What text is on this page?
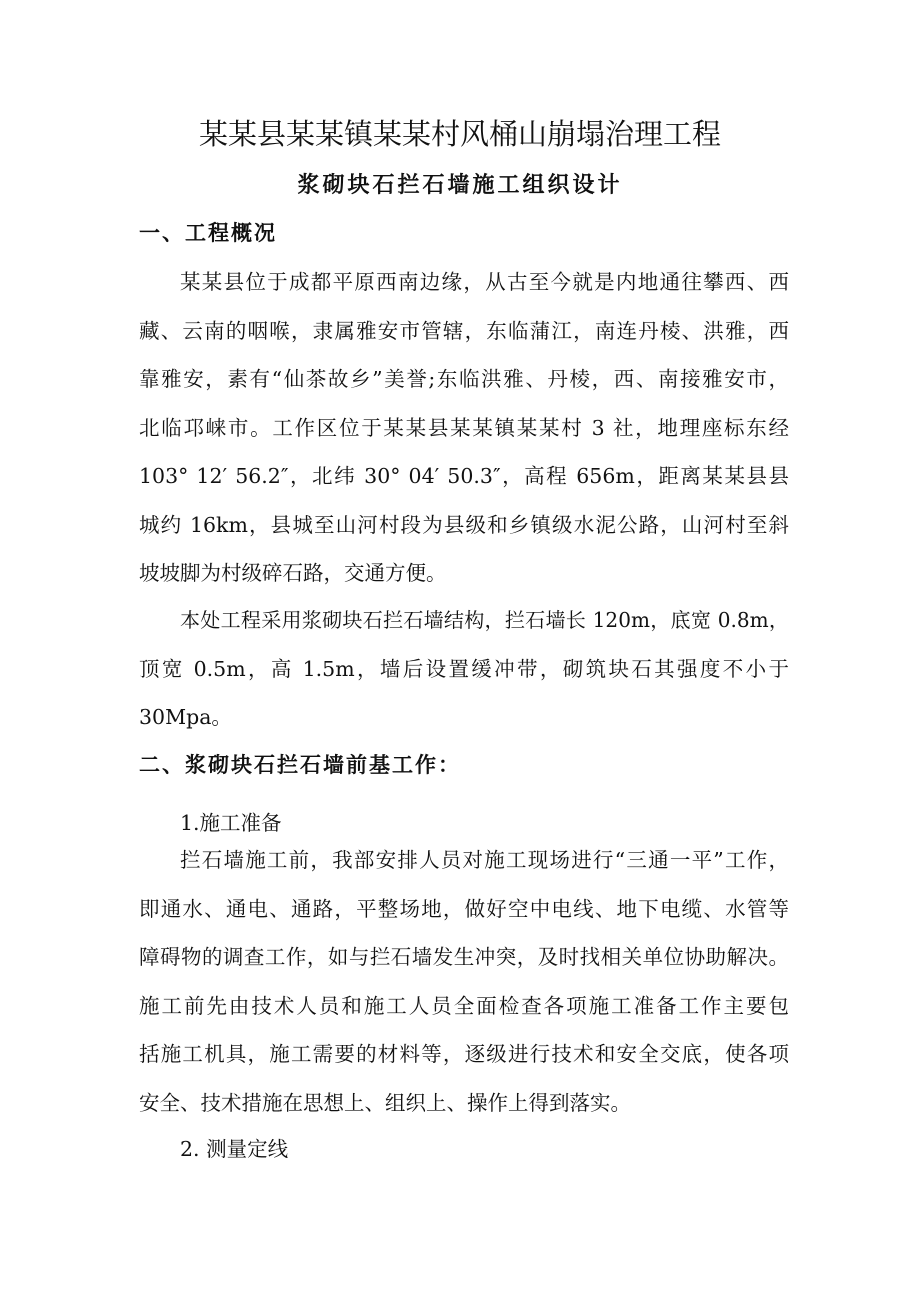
某某县某某镇某某村风桶山崩塌治理工程
浆砌块石拦石墙施工组织设计
一、工程概况
某某县位于成都平原西南边缘，从古至今就是内地通往攀西、西
藏、云南的咽喉，隶属雅安市管辖，东临蒲江，南连丹棱、洪雅，西
靠雅安，素有“仙茶故乡”美誉;东临洪雅、丹棱，西、南接雅安市，
北临邛崃市。工作区位于某某县某某镇某某村 3 社，地理座标东经
103° 12′ 56.2″，北纬 30° 04′ 50.3″，高程 656m，距离某某县县
城约 16km，县城至山河村段为县级和乡镇级水泥公路，山河村至斜
坡坡脚为村级碎石路，交通方便。
本处工程采用浆砌块石拦石墙结构，拦石墙长 120m，底宽 0.8m，
顶宽 0.5m，高 1.5m，墙后设置缓冲带，砌筑块石其强度不小于
30Mpa。
二、浆砌块石拦石墙前基工作：
1.施工准备
拦石墙施工前，我部安排人员对施工现场进行“三通一平”工作，
即通水、通电、通路，平整场地，做好空中电线、地下电缆、水管等
障碍物的调查工作，如与拦石墙发生冲突，及时找相关单位协助解决。
施工前先由技术人员和施工人员全面检查各项施工准备工作主要包
括施工机具，施工需要的材料等，逐级进行技术和安全交底，使各项
安全、技术措施在思想上、组织上、操作上得到落实。
2. 测量定线
